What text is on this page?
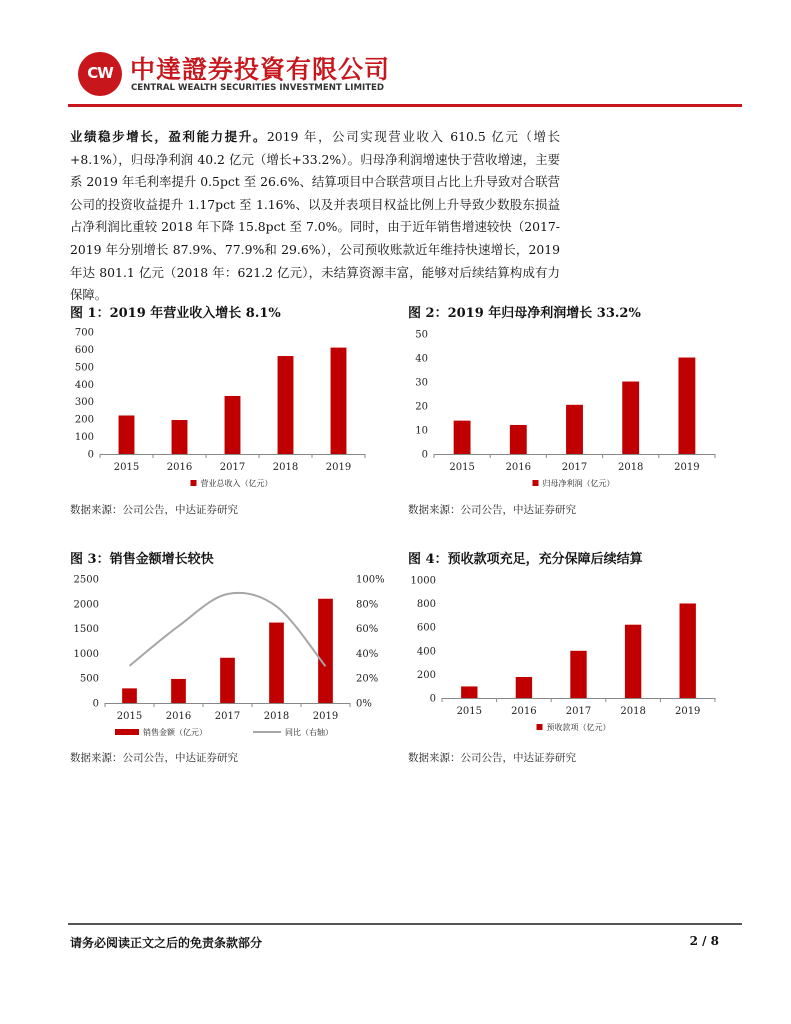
CW 中達證券投資有限公司
CENTRAL WEALTH SECURITIES INVESTMENT LIMITED
业绩稳步增长，盈利能力提升。2019 年，公司实现营业收入 610.5 亿元（增长+8.1%），归母净利润 40.2 亿元（增长+33.2%）。归母净利润增速快于营收增速，主要系 2019 年毛利率提升 0.5pct 至 26.6%、结算项目中合联营项目占比上升导致对合联营公司的投资收益提升 1.17pct 至 1.16%、以及并表项目权益比例上升导致少数股东损益占净利润比重较 2018 年下降 15.8pct 至 7.0%。同时，由于近年销售增速较快（2017-2019 年分别增长 87.9%、77.9%和 29.6%），公司预收账款近年维持快速增长，2019 年达 801.1 亿元（2018 年：621.2 亿元），未结算资源丰富，能够对后续结算构成有力保障。
图 1：2019 年营业收入增长 8.1%
0
100
200
300
400
500
600
700
2015	2016	2017	2018	2019
营业总收入（亿元）
数据来源：公司公告，中达证券研究
图 2：2019 年归母净利润增长 33.2%
0
10
20
30
40
50
2015	2016	2017	2018	2019
归母净利润（亿元）
数据来源：公司公告，中达证券研究
图 3：销售金额增长较快
0
500
1000
1500
2000
2500
0%
20%
40%
60%
80%
100%
2015 2016 2017 2018 2019
销售金额（亿元）	同比（右轴）
数据来源：公司公告，中达证券研究
图 4：预收款项充足，充分保障后续结算
0
200
400
600
800
1000
2015	2016	2017	2018	2019
预收款项（亿元）
数据来源：公司公告，中达证券研究
请务必阅读正文之后的免责条款部分	2 / 8
